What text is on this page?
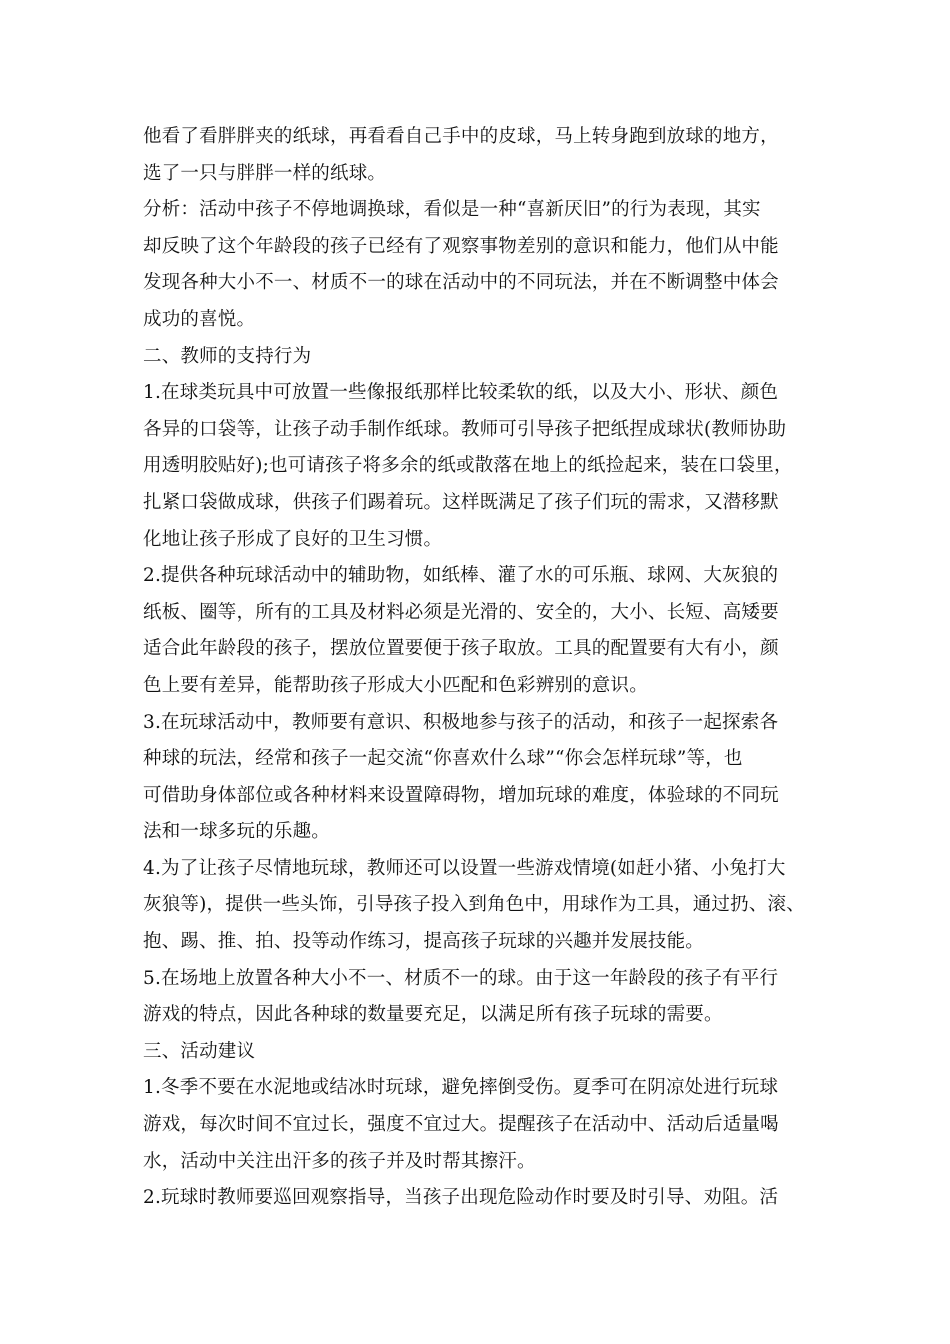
他看了看胖胖夹的纸球，再看看自己手中的皮球，马上转身跑到放球的地方，
选了一只与胖胖一样的纸球。
分析：活动中孩子不停地调换球，看似是一种“喜新厌旧”的行为表现，其实
却反映了这个年龄段的孩子已经有了观察事物差别的意识和能力，他们从中能
发现各种大小不一、材质不一的球在活动中的不同玩法，并在不断调整中体会
成功的喜悦。
二、教师的支持行为
1.在球类玩具中可放置一些像报纸那样比较柔软的纸，以及大小、形状、颜色
各异的口袋等，让孩子动手制作纸球。教师可引导孩子把纸捏成球状(教师协助
用透明胶贴好);也可请孩子将多余的纸或散落在地上的纸捡起来，装在口袋里，
扎紧口袋做成球，供孩子们踢着玩。这样既满足了孩子们玩的需求，又潜移默
化地让孩子形成了良好的卫生习惯。
2.提供各种玩球活动中的辅助物，如纸棒、灌了水的可乐瓶、球网、大灰狼的
纸板、圈等，所有的工具及材料必须是光滑的、安全的，大小、长短、高矮要
适合此年龄段的孩子，摆放位置要便于孩子取放。工具的配置要有大有小，颜
色上要有差异，能帮助孩子形成大小匹配和色彩辨别的意识。
3.在玩球活动中，教师要有意识、积极地参与孩子的活动，和孩子一起探索各
种球的玩法，经常和孩子一起交流“你喜欢什么球”“你会怎样玩球”等，也
可借助身体部位或各种材料来设置障碍物，增加玩球的难度，体验球的不同玩
法和一球多玩的乐趣。
4.为了让孩子尽情地玩球，教师还可以设置一些游戏情境(如赶小猪、小兔打大
灰狼等)，提供一些头饰，引导孩子投入到角色中，用球作为工具，通过扔、滚、
抱、踢、推、拍、投等动作练习，提高孩子玩球的兴趣并发展技能。
5.在场地上放置各种大小不一、材质不一的球。由于这一年龄段的孩子有平行
游戏的特点，因此各种球的数量要充足，以满足所有孩子玩球的需要。
三、活动建议
1.冬季不要在水泥地或结冰时玩球，避免摔倒受伤。夏季可在阴凉处进行玩球
游戏，每次时间不宜过长，强度不宜过大。提醒孩子在活动中、活动后适量喝
水，活动中关注出汗多的孩子并及时帮其擦汗。
2.玩球时教师要巡回观察指导，当孩子出现危险动作时要及时引导、劝阻。活
